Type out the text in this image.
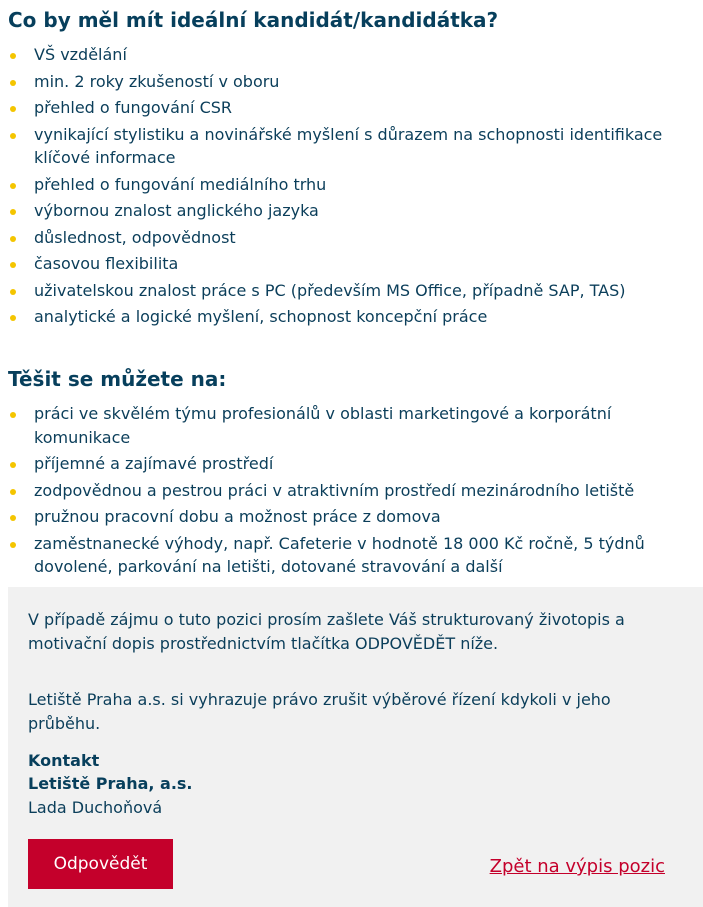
Co by měl mít ideální kandidát/kandidátka?
VŠ vzdělání
min. 2 roky zkušeností v oboru
přehled o fungování CSR
vynikající stylistiku a novinářské myšlení s důrazem na schopnosti identifikace klíčové informace
přehled o fungování mediálního trhu
výbornou znalost anglického jazyka
důslednost, odpovědnost
časovou flexibilita
uživatelskou znalost práce s PC (především MS Office, případně SAP, TAS)
analytické a logické myšlení, schopnost koncepční práce
Těšit se můžete na:
práci ve skvělém týmu profesionálů v oblasti marketingové a korporátní komunikace
příjemné a zajímavé prostředí
zodpovědnou a pestrou práci v atraktivním prostředí mezinárodního letiště
pružnou pracovní dobu a možnost práce z domova
zaměstnanecké výhody, např. Cafeterie v hodnotě 18 000 Kč ročně, 5 týdnů dovolené, parkování na letišti, dotované stravování a další

V případě zájmu o tuto pozici prosím zašlete Váš strukturovaný životopis a motivační dopis prostřednictvím tlačítka ODPOVĚDĚT níže.

Letiště Praha a.s. si vyhrazuje právo zrušit výběrové řízení kdykoli v jeho průběhu.

Kontakt
Letiště Praha, a.s.
Lada Duchoňová
Odpovědět	Zpět na výpis pozic
